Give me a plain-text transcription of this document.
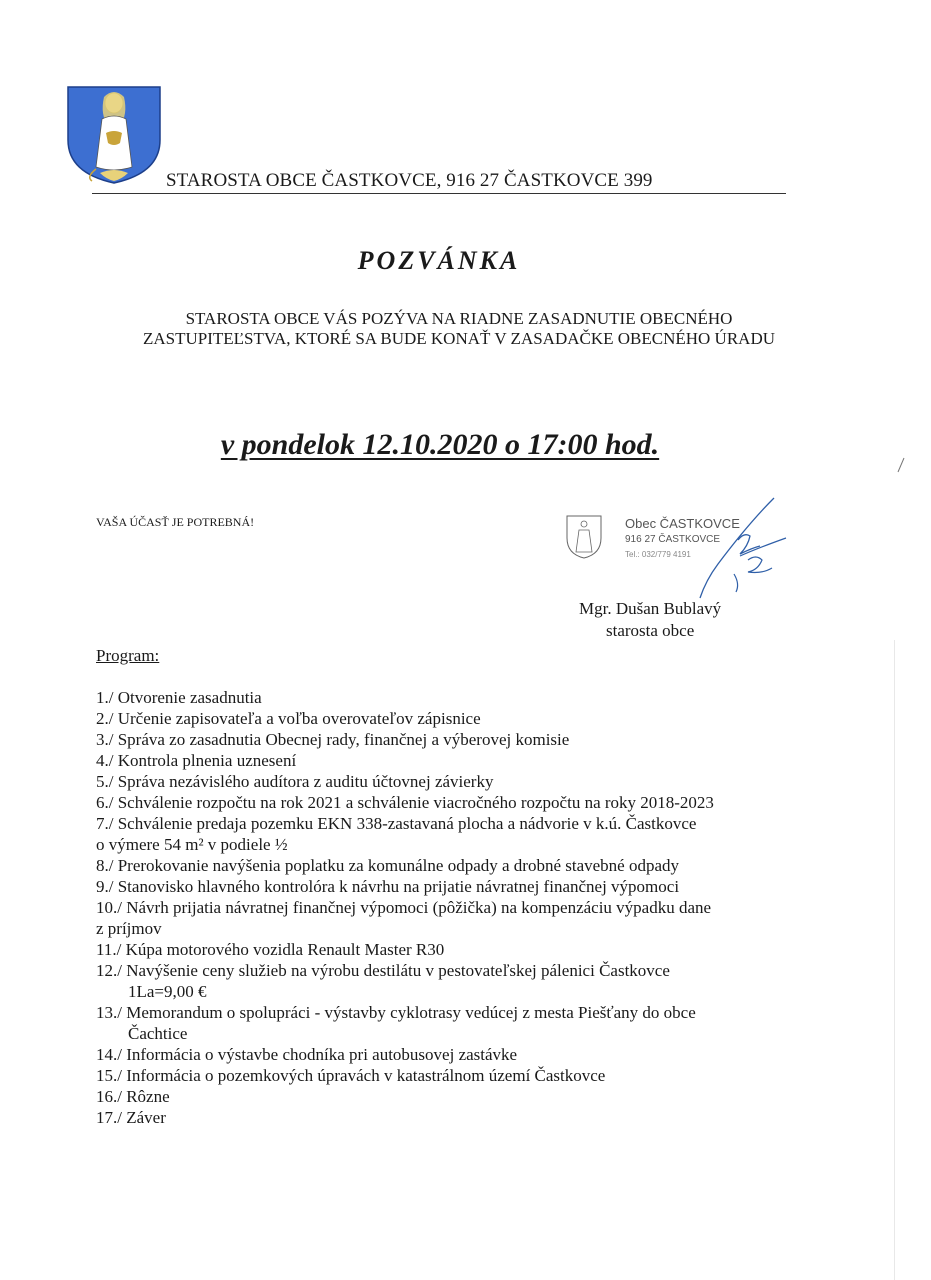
STAROSTA OBCE ČASTKOVCE, 916 27 ČASTKOVCE 399
POZVÁNKA
STAROSTA OBCE VÁS POZÝVA NA RIADNE ZASADNUTIE OBECNÉHO
ZASTUPITEĽSTVA, KTORÉ SA BUDE KONAŤ V ZASADAČKE OBECNÉHO ÚRADU
v pondelok 12.10.2020 o 17:00 hod.
VAŠA ÚČASŤ JE POTREBNÁ!	Obec ČASTKOVCE
916 27 ČASTKOVCE
Tel.: 032/779 4191
Mgr. Dušan Bublavý
starosta obce
Program:
1./ Otvorenie zasadnutia
2./ Určenie zapisovateľa a voľba overovateľov zápisnice
3./ Správa zo zasadnutia Obecnej rady, finančnej a výberovej komisie
4./ Kontrola plnenia uznesení
5./ Správa nezávislého audítora z auditu účtovnej závierky
6./ Schválenie rozpočtu na rok 2021 a schválenie viacročného rozpočtu na roky 2018-2023
7./ Schválenie predaja pozemku EKN 338-zastavaná plocha a nádvorie v k.ú. Častkovce
o výmere 54 m² v podiele ½
8./ Prerokovanie navýšenia poplatku za komunálne odpady a drobné stavebné odpady
9./ Stanovisko hlavného kontrolóra k návrhu na prijatie návratnej finančnej výpomoci
10./ Návrh prijatia návratnej finančnej výpomoci (pôžička) na kompenzáciu výpadku dane
z príjmov
11./ Kúpa motorového vozidla Renault Master R30
12./ Navýšenie ceny služieb na výrobu destilátu v pestovateľskej pálenici Častkovce
1La=9,00 €
13./ Memorandum o spolupráci - výstavby cyklotrasy vedúcej z mesta Piešťany do obce
Čachtice
14./ Informácia o výstavbe chodníka pri autobusovej zastávke
15./ Informácia o pozemkových úpravách v katastrálnom území Častkovce
16./ Rôzne
17./ Záver
